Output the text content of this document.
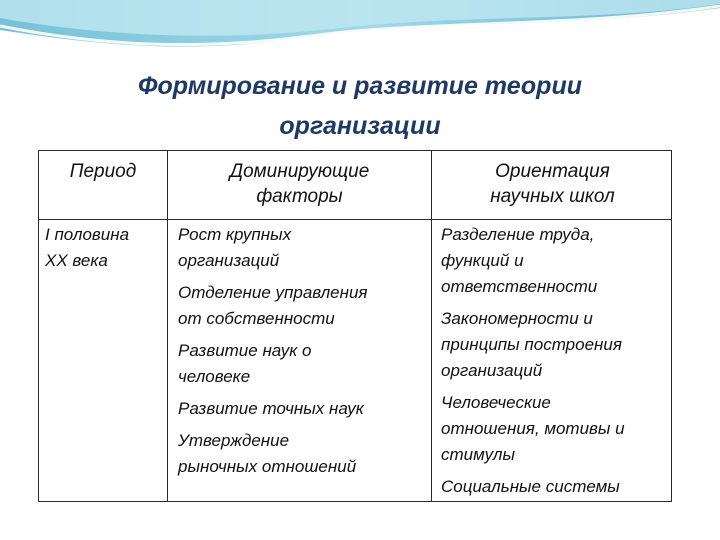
Формирование и развитие теории
организации
Период	Доминирующие
факторы
Ориентация
научных школ
I половина
XX века
Рост крупных
организаций
Отделение управления
от собственности
Развитие наук о
человеке
Развитие точных наук
Утверждение
рыночных отношений
Разделение труда,
функций и
ответственности
Закономерности и
принципы построения
организаций
Человеческие
отношения, мотивы и
стимулы
Социальные системы
